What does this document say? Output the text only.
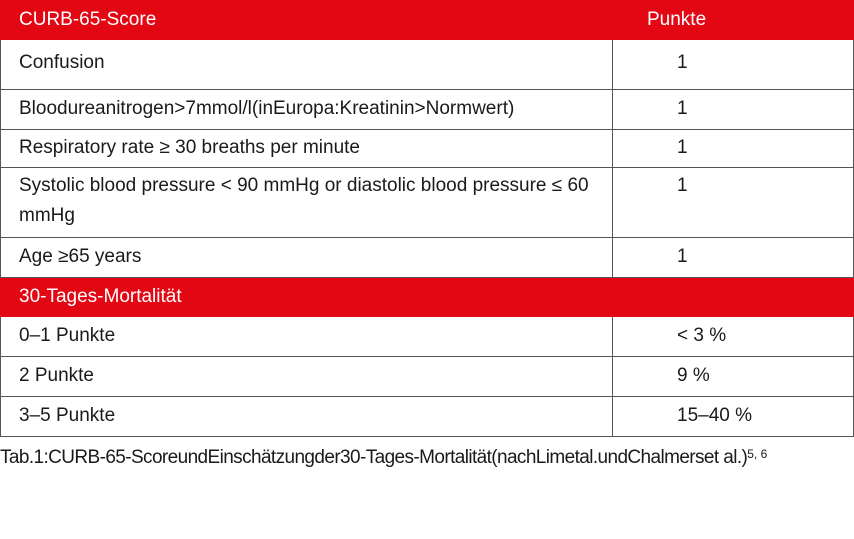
CURB-65-Score	Punkte
Confusion	1
Bloodureanitrogen>7mmol/l(inEuropa:Kreatinin>Normwert)	1
Respiratory rate ≥ 30 breaths per minute	1
Systolic blood pressure < 90 mmHg or diastolic blood pressure ≤ 60 mmHg	1
Age ≥65 years	1
30-Tages-Mortalität	
0–1 Punkte	< 3 %
2 Punkte	9 %
3–5 Punkte	15–40 %
Tab.1:CURB-65-ScoreundEinschätzungder30-Tages-Mortalität(nachLimetal.undChalmerset al.)$^{5, 6}$
